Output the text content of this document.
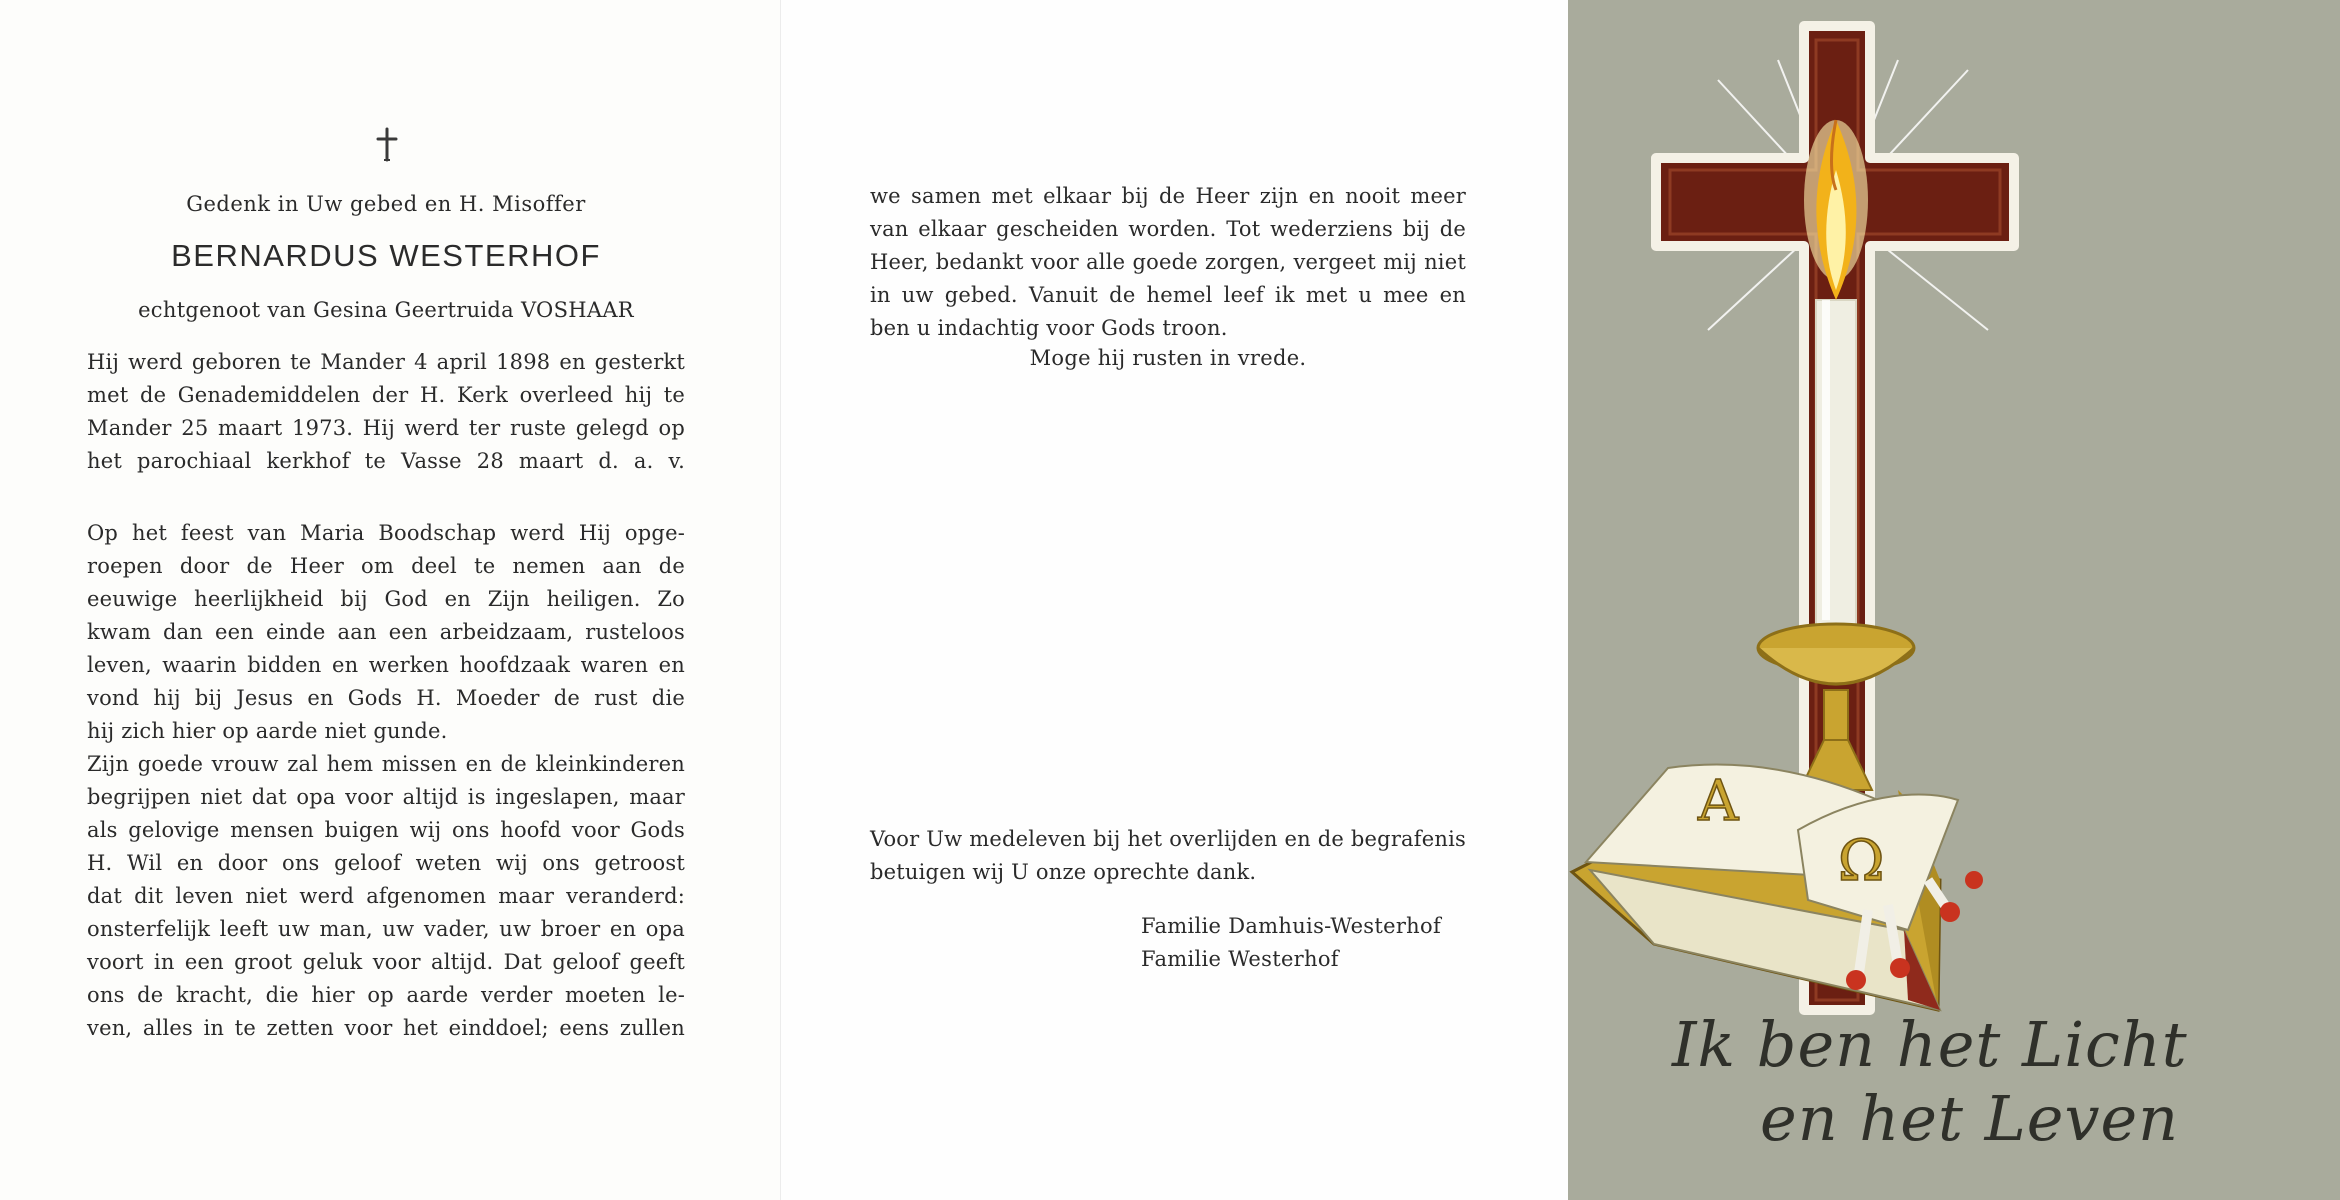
Gedenk in Uw gebed en H. Misoffer
BERNARDUS WESTERHOF
echtgenoot van Gesina Geertruida VOSHAAR
Hij werd geboren te Mander 4 april 1898 en gesterkt
met de Genademiddelen der H. Kerk overleed hij te
Mander 25 maart 1973. Hij werd ter ruste gelegd op
het parochiaal kerkhof te Vasse 28 maart d. a. v.
Op het feest van Maria Boodschap werd Hij opge-
roepen door de Heer om deel te nemen aan de
eeuwige heerlijkheid bij God en Zijn heiligen. Zo
kwam dan een einde aan een arbeidzaam, rusteloos
leven, waarin bidden en werken hoofdzaak waren en
vond hij bij Jesus en Gods H. Moeder de rust die
hij zich hier op aarde niet gunde.
Zijn goede vrouw zal hem missen en de kleinkinderen
begrijpen niet dat opa voor altijd is ingeslapen, maar
als gelovige mensen buigen wij ons hoofd voor Gods
H. Wil en door ons geloof weten wij ons getroost
dat dit leven niet werd afgenomen maar veranderd:
onsterfelijk leeft uw man, uw vader, uw broer en opa
voort in een groot geluk voor altijd. Dat geloof geeft
ons de kracht, die hier op aarde verder moeten le-
ven, alles in te zetten voor het einddoel; eens zullen
we samen met elkaar bij de Heer zijn en nooit meer
van elkaar gescheiden worden. Tot wederziens bij de
Heer, bedankt voor alle goede zorgen, vergeet mij niet
in uw gebed. Vanuit de hemel leef ik met u mee en
ben u indachtig voor Gods troon.
Moge hij rusten in vrede.
Voor Uw medeleven bij het overlijden en de begrafenis
betuigen wij U onze oprechte dank.
Familie Damhuis-Westerhof
Familie Westerhof
A
Ω
Ik ben het Licht
en het Leven
